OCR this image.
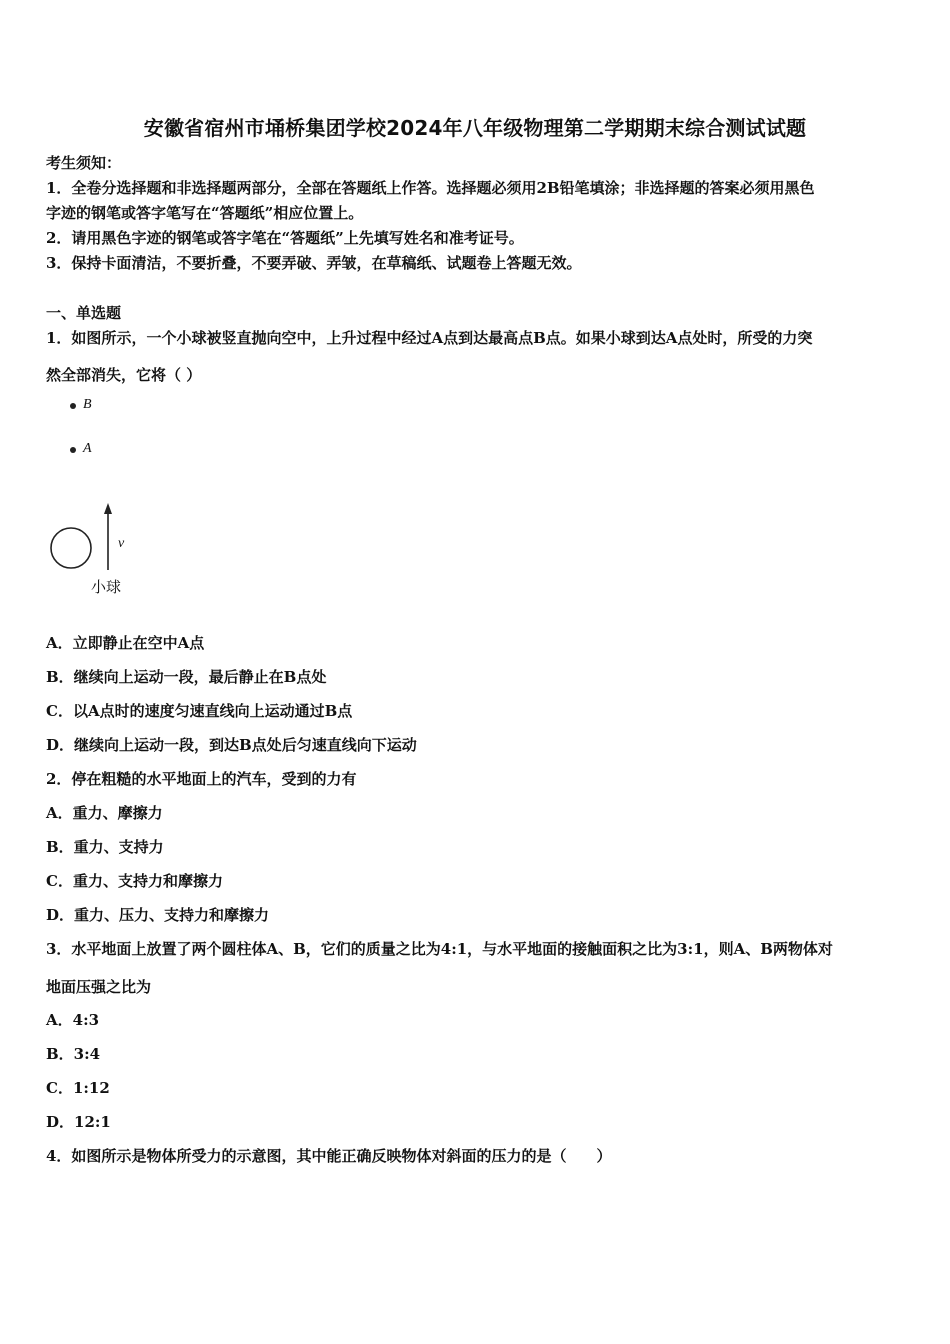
安徽省宿州市埇桥集团学校2024年八年级物理第二学期期末综合测试试题
考生须知：
1．全卷分选择题和非选择题两部分，全部在答题纸上作答。选择题必须用2B铅笔填涂；非选择题的答案必须用黑色
字迹的钢笔或答字笔写在“答题纸”相应位置上。
2．请用黑色字迹的钢笔或答字笔在“答题纸”上先填写姓名和准考证号。
3．保持卡面清洁，不要折叠，不要弄破、弄皱，在草稿纸、试题卷上答题无效。
一、单选题
1．如图所示，一个小球被竖直抛向空中，上升过程中经过A点到达最高点B点。如果小球到达A点处时，所受的力突
然全部消失，它将（ ）
B
A
v
小球
A．立即静止在空中A点
B．继续向上运动一段，最后静止在B点处
C．以A点时的速度匀速直线向上运动通过B点
D．继续向上运动一段，到达B点处后匀速直线向下运动
2．停在粗糙的水平地面上的汽车，受到的力有
A．重力、摩擦力
B．重力、支持力
C．重力、支持力和摩擦力
D．重力、压力、支持力和摩擦力
3．水平地面上放置了两个圆柱体A、B，它们的质量之比为4:1，与水平地面的接触面积之比为3:1，则A、B两物体对
地面压强之比为
A．4:3
B．3:4
C．1:12
D．12:1
4．如图所示是物体所受力的示意图，其中能正确反映物体对斜面的压力的是（　　）
